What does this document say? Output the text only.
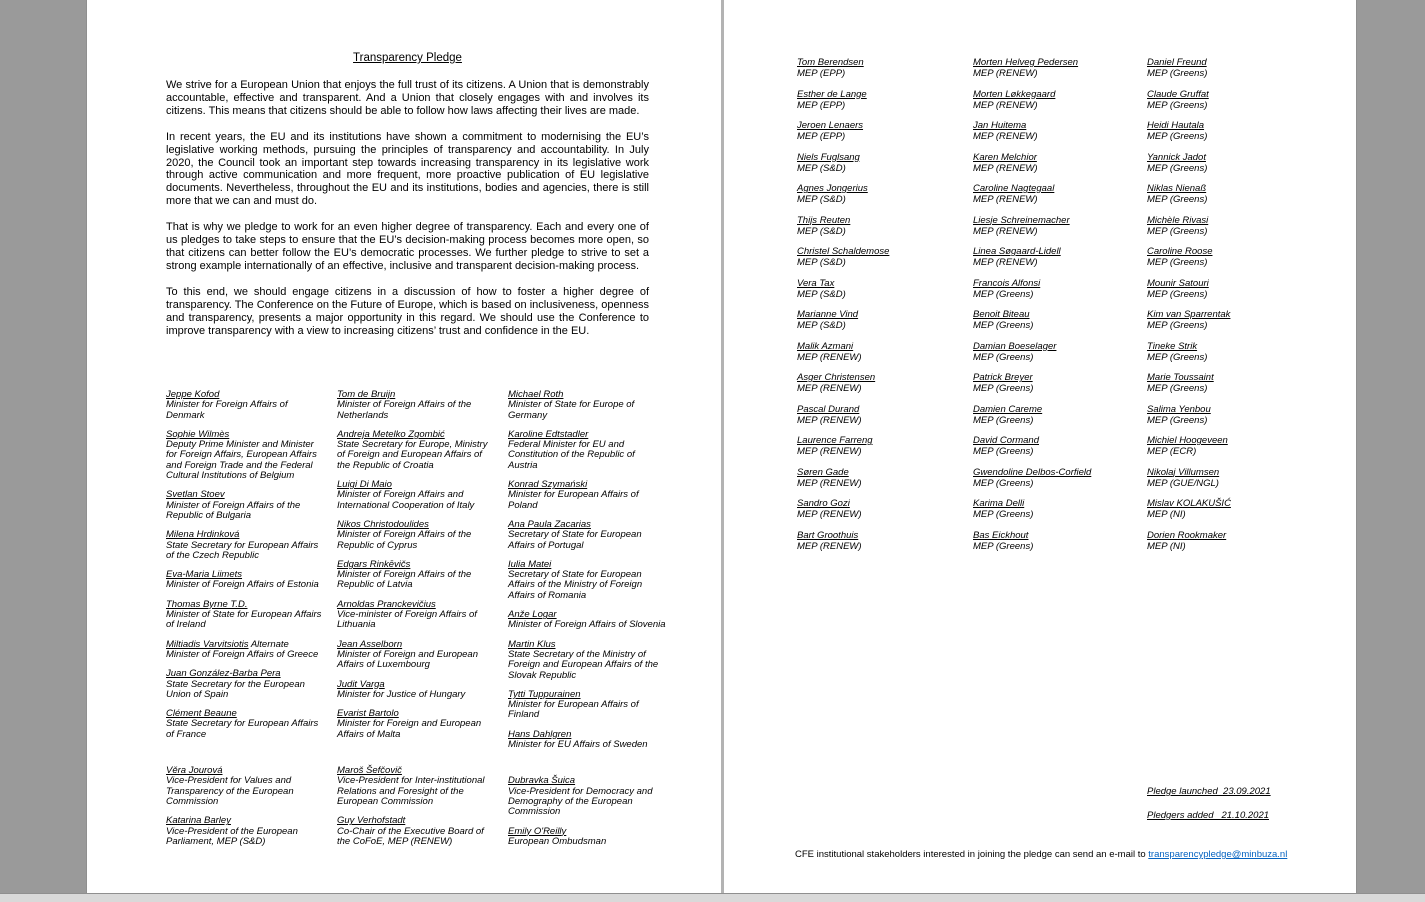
Transparency Pledge

We strive for a European Union that enjoys the full trust of its citizens. A Union that is demonstrably accountable, effective and transparent. And a Union that closely engages with and involves its citizens. This means that citizens should be able to follow how laws affecting their lives are made.

In recent years, the EU and its institutions have shown a commitment to modernising the EU’s legislative working methods, pursuing the principles of transparency and accountability. In July 2020, the Council took an important step towards increasing transparency in its legislative work through active communication and more frequent, more proactive publication of EU legislative documents. Nevertheless, throughout the EU and its institutions, bodies and agencies, there is still more that we can and must do.

That is why we pledge to work for an even higher degree of transparency. Each and every one of us pledges to take steps to ensure that the EU’s decision-making process becomes more open, so that citizens can better follow the EU’s democratic processes. We further pledge to strive to set a strong example internationally of an effective, inclusive and transparent decision-making process.

To this end, we should engage citizens in a discussion of how to foster a higher degree of transparency. The Conference on the Future of Europe, which is based on inclusiveness, openness and transparency, presents a major opportunity in this regard. We should use the Conference to improve transparency with a view to increasing citizens’ trust and confidence in the EU.

Jeppe Kofod
Minister for Foreign Affairs of Denmark
Sophie Wilmès
Deputy Prime Minister and Minister for Foreign Affairs, European Affairs and Foreign Trade and the Federal Cultural Institutions of Belgium
Svetlan Stoev
Minister of Foreign Affairs of the Republic of Bulgaria
Milena Hrdinková
State Secretary for European Affairs of the Czech Republic
Eva-Maria Liimets
Minister of Foreign Affairs of Estonia
Thomas Byrne T.D.
Minister of State for European Affairs of Ireland
Miltiadis Varvitsiotis Alternate
Minister of Foreign Affairs of Greece
Juan González-Barba Pera
State Secretary for the European Union of Spain
Clément Beaune
State Secretary for European Affairs of France
Věra Jourová
Vice-President for Values and Transparency of the European Commission
Katarina Barley
Vice-President of the European Parliament, MEP (S&D)
Tom de Bruijn
Minister of Foreign Affairs of the Netherlands
Andreja Metelko Zgombić
State Secretary for Europe, Ministry of Foreign and European Affairs of the Republic of Croatia
Luigi Di Maio
Minister of Foreign Affairs and International Cooperation of Italy
Nikos Christodoulides
Minister of Foreign Affairs of the Republic of Cyprus
Edgars Rinkēvičs
Minister of Foreign Affairs of the Republic of Latvia
Arnoldas Pranckevičius
Vice-minister of Foreign Affairs of Lithuania
Jean Asselborn
Minister of Foreign and European Affairs of Luxembourg
Judit Varga
Minister for Justice of Hungary
Evarist Bartolo
Minister for Foreign and European Affairs of Malta
Maroš Šefčovič
Vice-President for Inter-institutional Relations and Foresight of the European Commission
Guy Verhofstadt
Co-Chair of the Executive Board of the CoFoE, MEP (RENEW)
Michael Roth
Minister of State for Europe of Germany
Karoline Edtstadler
Federal Minister for EU and Constitution of the Republic of Austria
Konrad Szymański
Minister for European Affairs of Poland
Ana Paula Zacarias
Secretary of State for European Affairs of Portugal
Iulia Matei
Secretary of State for European Affairs of the Ministry of Foreign Affairs of Romania
Anže Logar
Minister of Foreign Affairs of Slovenia
Martin Klus
State Secretary of the Ministry of Foreign and European Affairs of the Slovak Republic
Tytti Tuppurainen
Minister for European Affairs of Finland
Hans Dahlgren
Minister for EU Affairs of Sweden
Dubravka Šuica
Vice-President for Democracy and Demography of the European Commission
Emily O'Reilly
European Ombudsman
Tom Berendsen
MEP (EPP)
Esther de Lange
MEP (EPP)
Jeroen Lenaers
MEP (EPP)
Niels Fuglsang
MEP (S&D)
Agnes Jongerius
MEP (S&D)
Thijs Reuten
MEP (S&D)
Christel Schaldemose
MEP (S&D)
Vera Tax
MEP (S&D)
Marianne Vind
MEP (S&D)
Malik Azmani
MEP (RENEW)
Asger Christensen
MEP (RENEW)
Pascal Durand
MEP (RENEW)
Laurence Farreng
MEP (RENEW)
Søren Gade
MEP (RENEW)
Sandro Gozi
MEP (RENEW)
Bart Groothuis
MEP (RENEW)
Morten Helveg Pedersen
MEP (RENEW)
Morten Løkkegaard
MEP (RENEW)
Jan Huitema
MEP (RENEW)
Karen Melchior
MEP (RENEW)
Caroline Nagtegaal
MEP (RENEW)
Liesje Schreinemacher
MEP (RENEW)
Linea Søgaard-Lidell
MEP (RENEW)
Francois Alfonsi
MEP (Greens)
Benoit Biteau
MEP (Greens)
Damian Boeselager
MEP (Greens)
Patrick Breyer
MEP (Greens)
Damien Careme
MEP (Greens)
David Cormand
MEP (Greens)
Gwendoline Delbos-Corfield
MEP (Greens)
Karima Delli
MEP (Greens)
Bas Eickhout
MEP (Greens)
Daniel Freund
MEP (Greens)
Claude Gruffat
MEP (Greens)
Heidi Hautala
MEP (Greens)
Yannick Jadot
MEP (Greens)
Niklas Nienaß
MEP (Greens)
Michèle Rivasi
MEP (Greens)
Caroline Roose
MEP (Greens)
Mounir Satouri
MEP (Greens)
Kim van Sparrentak
MEP (Greens)
Tineke Strik
MEP (Greens)
Marie Toussaint
MEP (Greens)
Salima Yenbou
MEP (Greens)
Michiel Hoogeveen
MEP (ECR)
Nikolaj Villumsen
MEP (GUE/NGL)
Mislav KOLAKUŠIĆ
MEP (NI)
Dorien Rookmaker
MEP (NI)
Pledge launched  23.09.2021
Pledgers added   21.10.2021
CFE institutional stakeholders interested in joining the pledge can send an e-mail to transparencypledge@minbuza.nl
